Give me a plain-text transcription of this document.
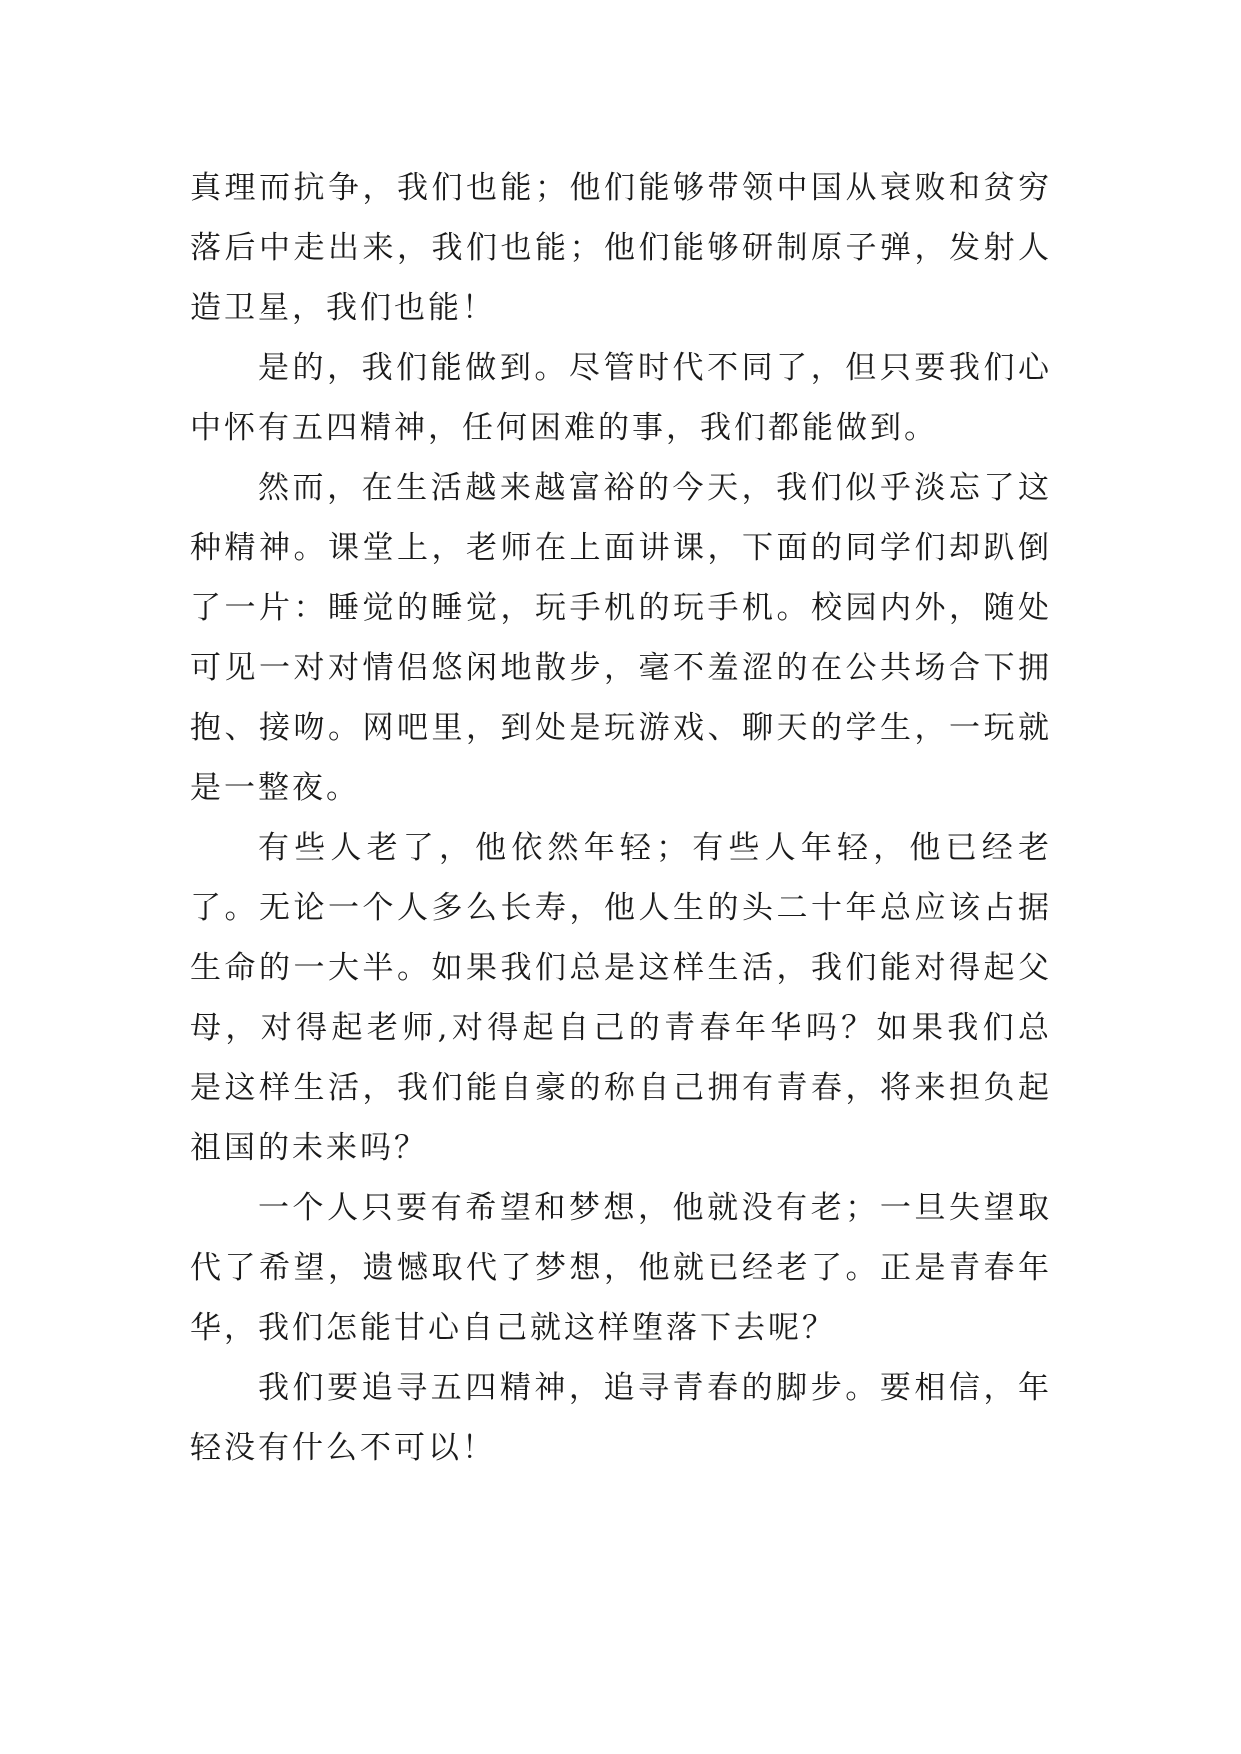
真理而抗争，我们也能；他们能够带领中国从衰败和贫穷落后中走出来，我们也能；他们能够研制原子弹，发射人造卫星，我们也能！

是的，我们能做到。尽管时代不同了，但只要我们心中怀有五四精神，任何困难的事，我们都能做到。

然而，在生活越来越富裕的今天，我们似乎淡忘了这种精神。课堂上，老师在上面讲课，下面的同学们却趴倒了一片：睡觉的睡觉，玩手机的玩手机。校园内外，随处可见一对对情侣悠闲地散步，毫不羞涩的在公共场合下拥抱、接吻。网吧里，到处是玩游戏、聊天的学生，一玩就是一整夜。

有些人老了，他依然年轻；有些人年轻，他已经老了。无论一个人多么长寿，他人生的头二十年总应该占据生命的一大半。如果我们总是这样生活，我们能对得起父母，对得起老师,对得起自己的青春年华吗？如果我们总是这样生活，我们能自豪的称自己拥有青春，将来担负起祖国的未来吗？

一个人只要有希望和梦想，他就没有老；一旦失望取代了希望，遗憾取代了梦想，他就已经老了。正是青春年华，我们怎能甘心自己就这样堕落下去呢？

我们要追寻五四精神，追寻青春的脚步。要相信，年轻没有什么不可以！
